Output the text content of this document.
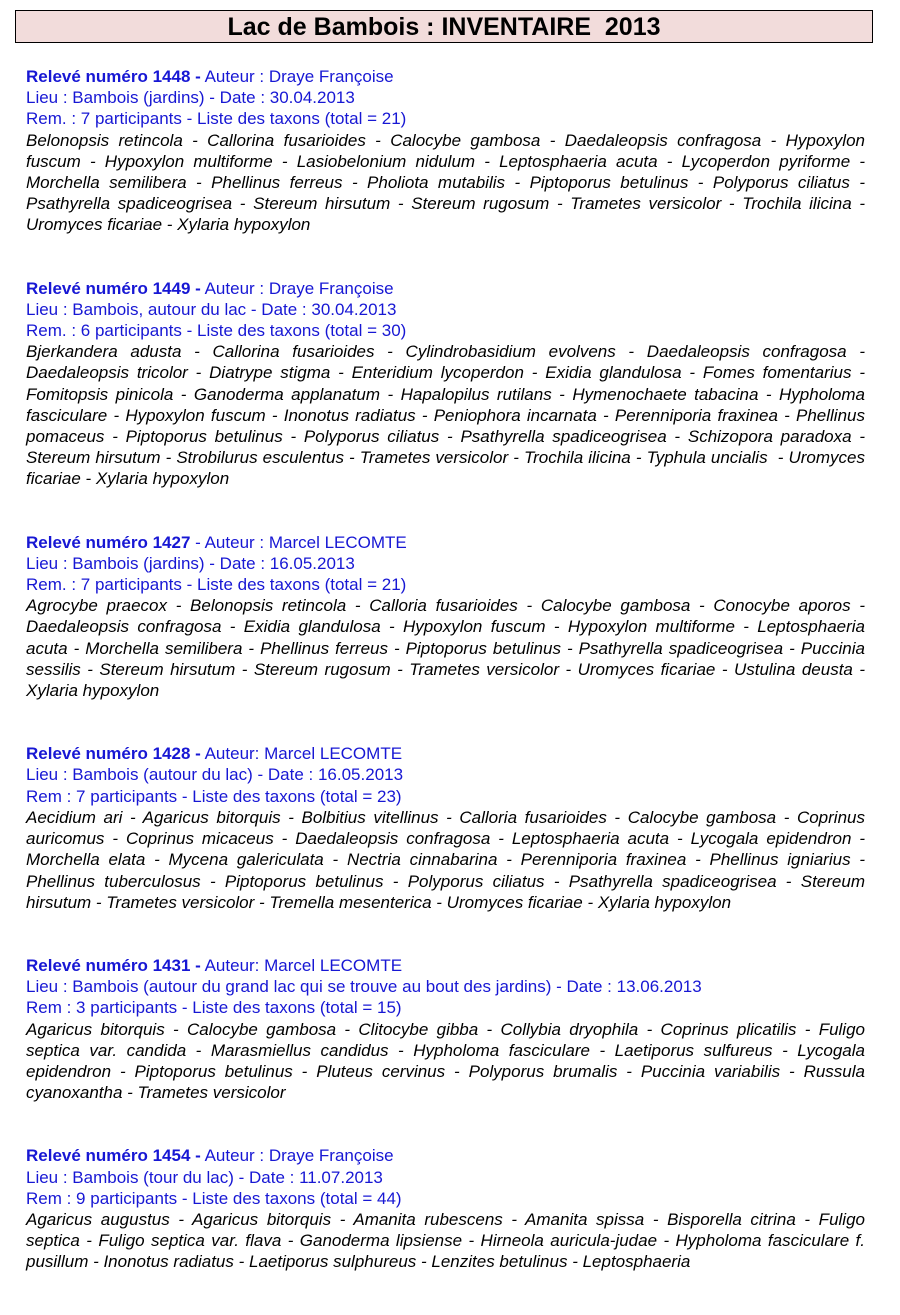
Lac de Bambois : INVENTAIRE  2013
Relevé numéro 1448 - Auteur : Draye Françoise
Lieu : Bambois (jardins) - Date : 30.04.2013
Rem. : 7 participants - Liste des taxons (total = 21)
Belonopsis retincola - Callorina fusarioides - Calocybe gambosa - Daedaleopsis confragosa - Hypoxylon fuscum - Hypoxylon multiforme - Lasiobelonium nidulum - Leptosphaeria acuta - Lycoperdon pyriforme - Morchella semilibera - Phellinus ferreus - Pholiota mutabilis - Piptoporus betulinus - Polyporus ciliatus - Psathyrella spadiceogrisea - Stereum hirsutum - Stereum rugosum - Trametes versicolor - Trochila ilicina - Uromyces ficariae - Xylaria hypoxylon
Relevé numéro 1449 - Auteur : Draye Françoise
Lieu : Bambois, autour du lac - Date : 30.04.2013
Rem. : 6 participants - Liste des taxons (total = 30)
Bjerkandera adusta - Callorina fusarioides - Cylindrobasidium evolvens - Daedaleopsis confragosa - Daedaleopsis tricolor - Diatrype stigma - Enteridium lycoperdon - Exidia glandulosa - Fomes fomentarius - Fomitopsis pinicola - Ganoderma applanatum - Hapalopilus rutilans - Hymenochaete tabacina - Hypholoma fasciculare - Hypoxylon fuscum - Inonotus radiatus - Peniophora incarnata - Perenniporia fraxinea - Phellinus pomaceus - Piptoporus betulinus - Polyporus ciliatus - Psathyrella spadiceogrisea - Schizopora paradoxa - Stereum hirsutum - Strobilurus esculentus - Trametes versicolor - Trochila ilicina - Typhula uncialis  - Uromyces ficariae - Xylaria hypoxylon
Relevé numéro 1427 - Auteur : Marcel LECOMTE
Lieu : Bambois (jardins) - Date : 16.05.2013
Rem. : 7 participants - Liste des taxons (total = 21)
Agrocybe praecox - Belonopsis retincola - Calloria fusarioides - Calocybe gambosa - Conocybe aporos - Daedaleopsis confragosa - Exidia glandulosa - Hypoxylon fuscum - Hypoxylon multiforme - Leptosphaeria acuta - Morchella semilibera - Phellinus ferreus - Piptoporus betulinus - Psathyrella spadiceogrisea - Puccinia sessilis - Stereum hirsutum - Stereum rugosum - Trametes versicolor - Uromyces ficariae - Ustulina deusta - Xylaria hypoxylon
Relevé numéro 1428 - Auteur: Marcel LECOMTE
Lieu : Bambois (autour du lac) - Date : 16.05.2013
Rem : 7 participants - Liste des taxons (total = 23)
Aecidium ari - Agaricus bitorquis - Bolbitius vitellinus - Calloria fusarioides - Calocybe gambosa - Coprinus auricomus - Coprinus micaceus - Daedaleopsis confragosa - Leptosphaeria acuta - Lycogala epidendron - Morchella elata - Mycena galericulata - Nectria cinnabarina - Perenniporia fraxinea - Phellinus igniarius - Phellinus tuberculosus - Piptoporus betulinus - Polyporus ciliatus - Psathyrella spadiceogrisea - Stereum hirsutum - Trametes versicolor - Tremella mesenterica - Uromyces ficariae - Xylaria hypoxylon
Relevé numéro 1431 - Auteur: Marcel LECOMTE
Lieu : Bambois (autour du grand lac qui se trouve au bout des jardins) - Date : 13.06.2013
Rem : 3 participants - Liste des taxons (total = 15)
Agaricus bitorquis - Calocybe gambosa - Clitocybe gibba - Collybia dryophila - Coprinus plicatilis - Fuligo septica var. candida - Marasmiellus candidus - Hypholoma fasciculare - Laetiporus sulfureus - Lycogala epidendron - Piptoporus betulinus - Pluteus cervinus - Polyporus brumalis - Puccinia variabilis - Russula cyanoxantha - Trametes versicolor
Relevé numéro 1454 - Auteur : Draye Françoise
Lieu : Bambois (tour du lac) - Date : 11.07.2013
Rem : 9 participants - Liste des taxons (total = 44)
Agaricus augustus - Agaricus bitorquis - Amanita rubescens - Amanita spissa - Bisporella citrina - Fuligo septica - Fuligo septica var. flava - Ganoderma lipsiense - Hirneola auricula-judae - Hypholoma fasciculare f. pusillum - Inonotus radiatus - Laetiporus sulphureus - Lenzites betulinus - Leptosphaeria
